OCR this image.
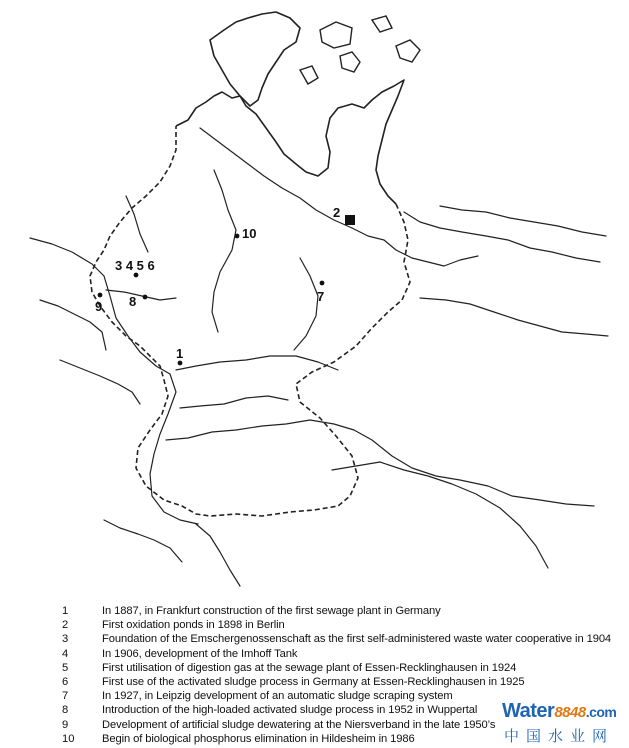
1
2
3 4 5 6
7
8
9
10
1	In 1887, in Frankfurt construction of the first sewage plant in Germany
2	First oxidation ponds in 1898 in Berlin
3	Foundation of the Emschergenossenschaft as the first self-administered waste water cooperative in 1904
4	In 1906, development of the Imhoff Tank
5	First utilisation of digestion gas at the sewage plant of Essen-Recklinghausen in 1924
6	First use of the activated sludge process in Germany at Essen-Recklinghausen in 1925
7	In 1927, in Leipzig development of an automatic sludge scraping system
8	Introduction of the high-loaded activated sludge process in 1952 in Wuppertal
9	Development of artificial sludge dewatering at the Niersverband in the late 1950’s
10	Begin of biological phosphorus elimination in Hildesheim in 1986
Water8848.com
中国水业网
